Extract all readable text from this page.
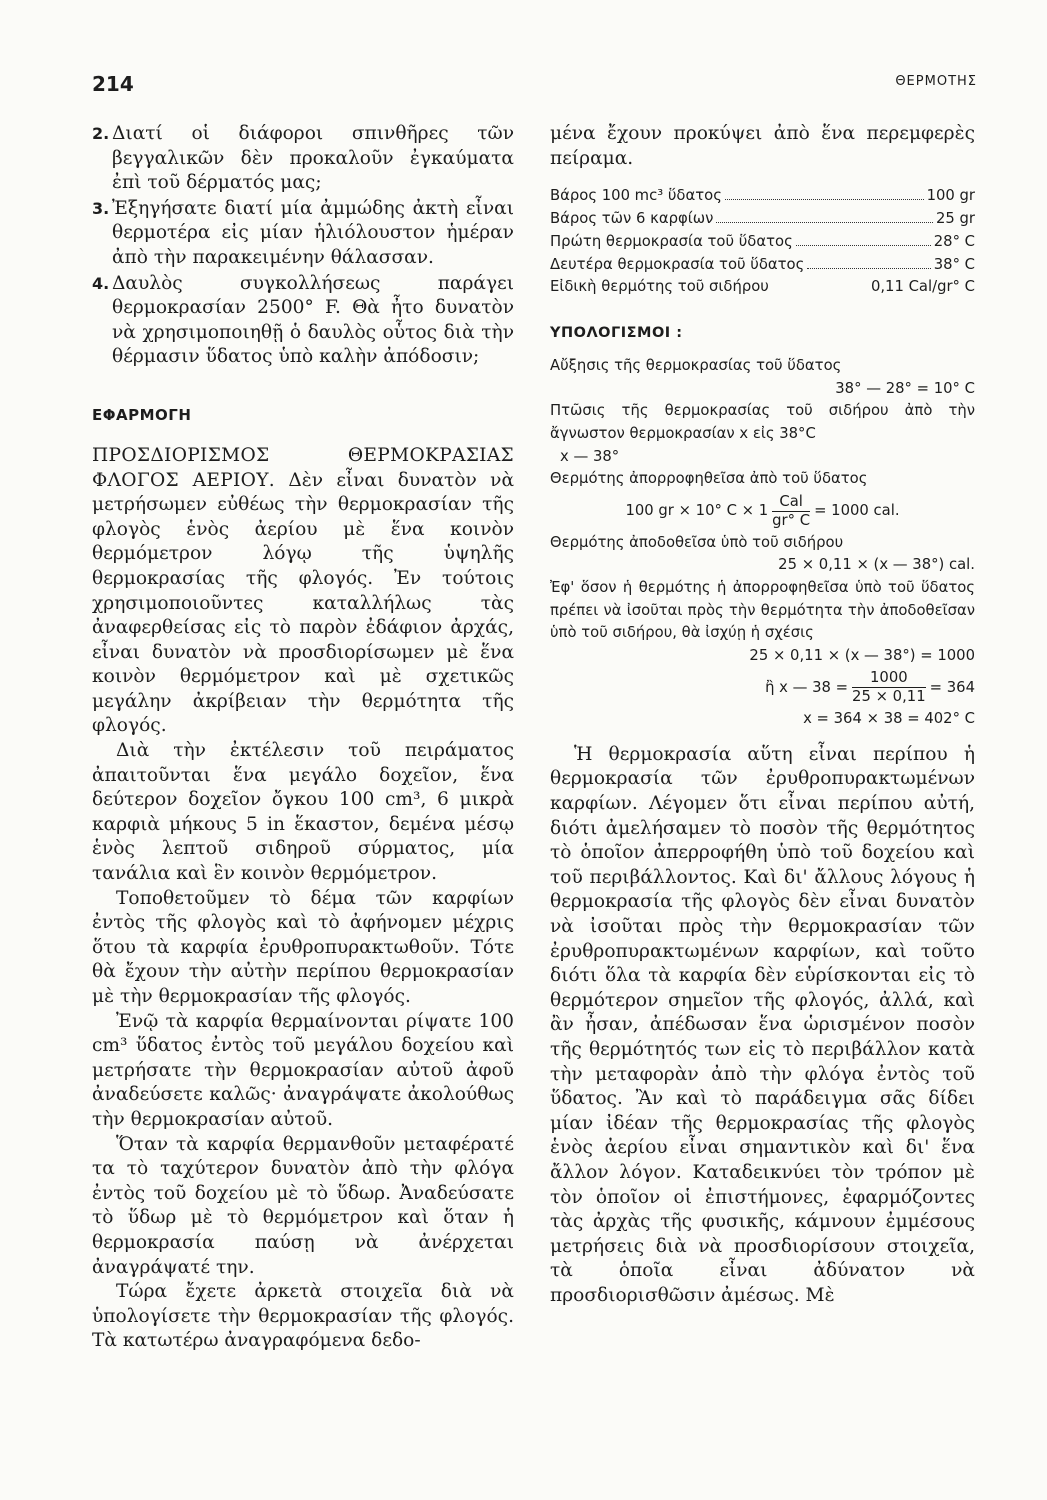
214	ΘΕΡΜΟΤΗΣ
2. Διατί οἱ διάφοροι σπινθῆρες τῶν βεγγαλικῶν δὲν προκαλοῦν ἐγκαύματα ἐπὶ τοῦ δέρματός μας;
3. Ἐξηγήσατε διατί μία ἀμμώδης ἀκτὴ εἶναι θερμοτέρα εἰς μίαν ἡλιόλουστον ἡμέραν ἀπὸ τὴν παρακειμένην θάλασσαν.
4. Δαυλὸς συγκολλήσεως παράγει θερμοκρασίαν 2500° F. Θὰ ἦτο δυνατὸν νὰ χρησιμοποιηθῇ ὁ δαυλὸς οὗτος διὰ τὴν θέρμασιν ὕδατος ὑπὸ καλὴν ἀπόδοσιν;
ΕΦΑΡΜΟΓΗ

ΠΡΟΣΔΙΟΡΙΣΜΟΣ ΘΕΡΜΟΚΡΑΣΙΑΣ ΦΛΟΓΟΣ ΑΕΡΙΟΥ. Δὲν εἶναι δυνατὸν νὰ μετρήσωμεν εὐθέως τὴν θερμοκρασίαν τῆς φλογὸς ἑνὸς ἀερίου μὲ ἕνα κοινὸν θερμόμετρον λόγῳ τῆς ὑψηλῆς θερμοκρασίας τῆς φλογός. Ἐν τούτοις χρησιμοποιοῦντες καταλλήλως τὰς ἀναφερθείσας εἰς τὸ παρὸν ἐδάφιον ἀρχάς, εἶναι δυνατὸν νὰ προσδιορίσωμεν μὲ ἕνα κοινὸν θερμόμετρον καὶ μὲ σχετικῶς μεγάλην ἀκρίβειαν τὴν θερμότητα τῆς φλογός.

Διὰ τὴν ἐκτέλεσιν τοῦ πειράματος ἀπαιτοῦνται ἕνα μεγάλο δοχεῖον, ἕνα δεύτερον δοχεῖον ὄγκου 100 cm³, 6 μικρὰ καρφιὰ μήκους 5 in ἕκαστον, δεμένα μέσῳ ἑνὸς λεπτοῦ σιδηροῦ σύρματος, μία τανάλια καὶ ἓν κοινὸν θερμόμετρον.

Τοποθετοῦμεν τὸ δέμα τῶν καρφίων ἐντὸς τῆς φλογὸς καὶ τὸ ἀφήνομεν μέχρις ὅτου τὰ καρφία ἐρυθροπυρακτωθοῦν. Τότε θὰ ἔχουν τὴν αὐτὴν περίπου θερμοκρασίαν μὲ τὴν θερμοκρασίαν τῆς φλογός.

Ἐνῷ τὰ καρφία θερμαίνονται ρίψατε 100 cm³ ὕδατος ἐντὸς τοῦ μεγάλου δοχείου καὶ μετρήσατε τὴν θερμοκρασίαν αὐτοῦ ἀφοῦ ἀναδεύσετε καλῶς· ἀναγράψατε ἀκολούθως τὴν θερμοκρασίαν αὐτοῦ.

Ὅταν τὰ καρφία θερμανθοῦν μεταφέρατέ τα τὸ ταχύτερον δυνατὸν ἀπὸ τὴν φλόγα ἐντὸς τοῦ δοχείου μὲ τὸ ὕδωρ. Ἀναδεύσατε τὸ ὕδωρ μὲ τὸ θερμόμετρον καὶ ὅταν ἡ θερμοκρασία παύσῃ νὰ ἀνέρχεται ἀναγράψατέ την.

Τώρα ἔχετε ἀρκετὰ στοιχεῖα διὰ νὰ ὑπολογίσετε τὴν θερμοκρασίαν τῆς φλογός. Τὰ κατωτέρω ἀναγραφόμενα δεδο-

μένα ἔχουν προκύψει ἀπὸ ἕνα περεμφερὲς πείραμα.

Βάρος 100 mc³ ὕδατος	100 gr
Βάρος τῶν 6 καρφίων	25 gr
Πρώτη θερμοκρασία τοῦ ὕδατος	28° C
Δευτέρα θερμοκρασία τοῦ ὕδατος	38° C
Εἰδικὴ θερμότης τοῦ σιδήρου	0,11 Cal/gr° C
ΥΠΟΛΟΓΙΣΜΟΙ :

Αὔξησις τῆς θερμοκρασίας τοῦ ὕδατος

38° — 28° = 10° C

Πτῶσις τῆς θερμοκρασίας τοῦ σιδήρου ἀπὸ τὴν ἄγνωστον θερμοκρασίαν x εἰς 38°C

x — 38°

Θερμότης ἀπορροφηθεῖσα ἀπὸ τοῦ ὕδατος

100 gr × 10° $C \times 1 \frac{\text{Cal}}{gr^\circ C} = 1000$ cal.

Θερμότης ἀποδοθεῖσα ὑπὸ τοῦ σιδήρου

25 × 0,11 × (x — 38°) cal.

Ἐφ' ὅσον ἡ θερμότης ἡ ἀπορροφηθεῖσα ὑπὸ τοῦ ὕδατος πρέπει νὰ ἰσοῦται πρὸς τὴν θερμότητα τὴν ἀποδοθεῖσαν ὑπὸ τοῦ σιδήρου, θὰ ἰσχύῃ ἡ σχέσις

25 × 0,11 × (x — 38°) = 1000

ἢ x — $38 = \frac{1000}{25 \times 0,11} = 364$

x = 364 × 38 = 402° C

Ἡ θερμοκρασία αὕτη εἶναι περίπου ἡ θερμοκρασία τῶν ἐρυθροπυρακτωμένων καρφίων. Λέγομεν ὅτι εἶναι περίπου αὐτή, διότι ἀμελήσαμεν τὸ ποσὸν τῆς θερμότητος τὸ ὁποῖον ἀπερροφήθη ὑπὸ τοῦ δοχείου καὶ τοῦ περιβάλλοντος. Καὶ δι' ἄλλους λόγους ἡ θερμοκρασία τῆς φλογὸς δὲν εἶναι δυνατὸν νὰ ἰσοῦται πρὸς τὴν θερμοκρασίαν τῶν ἐρυθροπυρακτωμένων καρφίων, καὶ τοῦτο διότι ὅλα τὰ καρφία δὲν εὑρίσκονται εἰς τὸ θερμότερον σημεῖον τῆς φλογός, ἀλλά, καὶ ἂν ἦσαν, ἀπέδωσαν ἕνα ὡρισμένον ποσὸν τῆς θερμότητός των εἰς τὸ περιβάλλον κατὰ τὴν μεταφορὰν ἀπὸ τὴν φλόγα ἐντὸς τοῦ ὕδατος. Ἂν καὶ τὸ παράδειγμα σᾶς δίδει μίαν ἰδέαν τῆς θερμοκρασίας τῆς φλογὸς ἑνὸς ἀερίου εἶναι σημαντικὸν καὶ δι' ἕνα ἄλλον λόγον. Καταδεικνύει τὸν τρόπον μὲ τὸν ὁποῖον οἱ ἐπιστήμονες, ἐφαρμόζοντες τὰς ἀρχὰς τῆς φυσικῆς, κάμνουν ἐμμέσους μετρήσεις διὰ νὰ προσδιορίσουν στοιχεῖα, τὰ ὁποῖα εἶναι ἀδύνατον νὰ προσδιορισθῶσιν ἀμέσως. Μὲ
